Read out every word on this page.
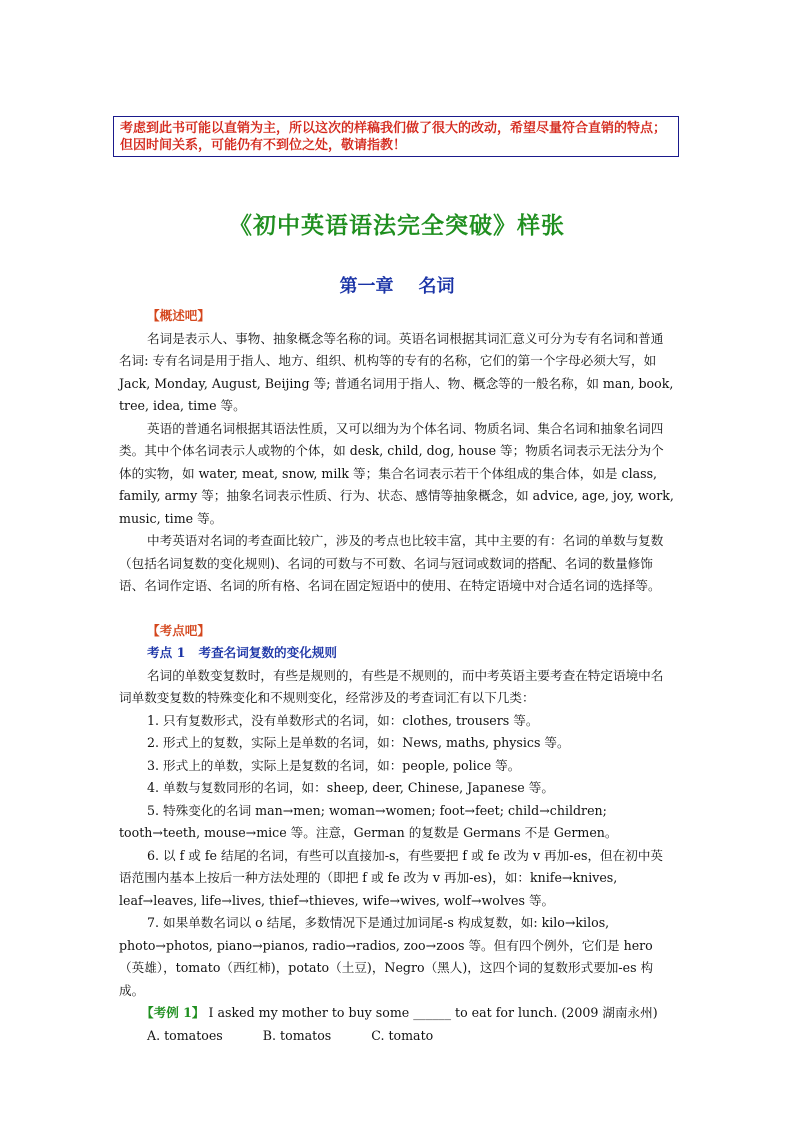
考虑到此书可能以直销为主，所以这次的样稿我们做了很大的改动，希望尽量符合直销的特点；但因时间关系，可能仍有不到位之处，敬请指教！
《初中英语语法完全突破》样张
第一章    名词

【概述吧】

名词是表示人、事物、抽象概念等名称的词。英语名词根据其词汇意义可分为专有名词和普通名词: 专有名词是用于指人、地方、组织、机构等的专有的名称，它们的第一个字母必须大写，如 Jack, Monday, August, Beijing 等; 普通名词用于指人、物、概念等的一般名称，如 man, book, tree, idea, time 等。

英语的普通名词根据其语法性质，又可以细为为个体名词、物质名词、集合名词和抽象名词四类。其中个体名词表示人或物的个体，如 desk, child, dog, house 等；物质名词表示无法分为个体的实物，如 water, meat, snow, milk 等；集合名词表示若干个体组成的集合体，如是 class, family, army 等；抽象名词表示性质、行为、状态、感情等抽象概念，如 advice, age, joy, work, music, time 等。

中考英语对名词的考查面比较广，涉及的考点也比较丰富，其中主要的有：名词的单数与复数（包括名词复数的变化规则)、名词的可数与不可数、名词与冠词或数词的搭配、名词的数量修饰语、名词作定语、名词的所有格、名词在固定短语中的使用、在特定语境中对合适名词的选择等。

【考点吧】

考点 1   考查名词复数的变化规则

名词的单数变复数时，有些是规则的，有些是不规则的，而中考英语主要考查在特定语境中名词单数变复数的特殊变化和不规则变化，经常涉及的考查词汇有以下几类：

1. 只有复数形式，没有单数形式的名词，如：clothes, trousers 等。

2. 形式上的复数，实际上是单数的名词，如：News, maths, physics 等。

3. 形式上的单数，实际上是复数的名词，如：people, police 等。

4. 单数与复数同形的名词，如：sheep, deer, Chinese, Japanese 等。

5. 特殊变化的名词 man→men; woman→women; foot→feet; child→children; tooth→teeth, mouse→mice 等。注意，German 的复数是 Germans 不是 Germen。

6. 以 f 或 fe 结尾的名词，有些可以直接加-s，有些要把 f 或 fe 改为 v 再加-es，但在初中英语范围内基本上按后一种方法处理的（即把 f 或 fe 改为 v 再加-es)，如：knife→knives, leaf→leaves, life→lives, thief→thieves, wife→wives, wolf→wolves 等。

7. 如果单数名词以 o 结尾，多数情况下是通过加词尾-s 构成复数，如: kilo→kilos, photo→photos, piano→pianos, radio→radios, zoo→zoos 等。但有四个例外，它们是 hero（英雄），tomato（西红柿)，potato（土豆)，Negro（黑人)，这四个词的复数形式要加-es 构成。

【考例 1】 I asked my mother to buy some ______ to eat for lunch. (2009 湖南永州)

A. tomatoes          B. tomatos          C. tomato
